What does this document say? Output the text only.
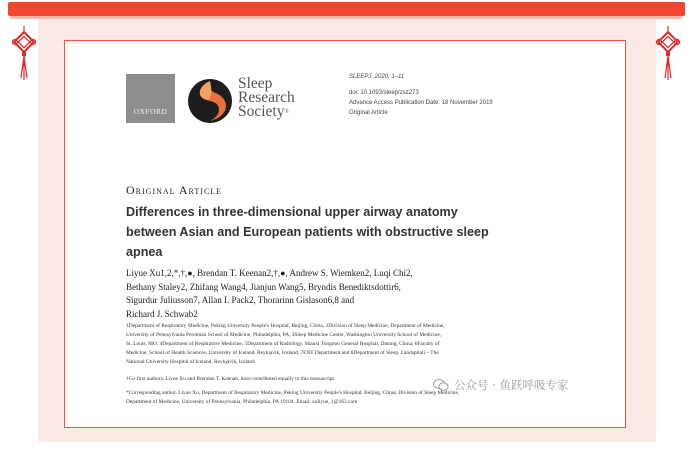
OXFORD
Sleep
Research
Society®
SLEEPJ, 2020, 1–11
doi: 10.1093/sleep/zsz273
Advance Access Publication Date: 18 November 2019
Original Article
Original Article
Differences in three-dimensional upper airway anatomy
between Asian and European patients with obstructive sleep
apnea
Liyue Xu1,2,*,†,●, Brendan T. Keenan2,†,●, Andrew S. Wiemken2, Luqi Chi2,
Bethany Staley2, Zhifang Wang4, Jianjun Wang5, Bryndis Benediktsdottir6,
Sigurdur Juliusson7, Allan I. Pack2, Thorarinn Gislason6,8 and
Richard J. Schwab2
1Department of Respiratory Medicine, Peking University People's Hospital, Beijing, China, 2Division of Sleep Medicine, Department of Medicine,
University of Pennsylvania Perelman School of Medicine, Philadelphia, PA, 3Sleep Medicine Center, Washington University School of Medicine,
St. Louis, MO, 4Department of Respiratory Medicine, 5Department of Radiology, Shanxi Tongmei General Hospital, Datong, China, 6Faculty of
Medicine, School of Health Sciences, University of Iceland, Reykjavik, Iceland, 7ENT Department and 8Department of Sleep, Landspitali – The
National University Hospital of Iceland, Reykjavik, Iceland
†Co-first authors, Liyue Xu and Brendan T. Keenan, have contributed equally to this manuscript.
*Corresponding author. Liyue Xu, Department of Respiratory Medicine, Peking University People's Hospital, Beijing, China; Division of Sleep Medicine,
Department of Medicine, University of Pennsylvania, Philadelphia, PA 19104. Email: xuliyue_1@163.com
公众号 · 鱼跃呼吸专家
